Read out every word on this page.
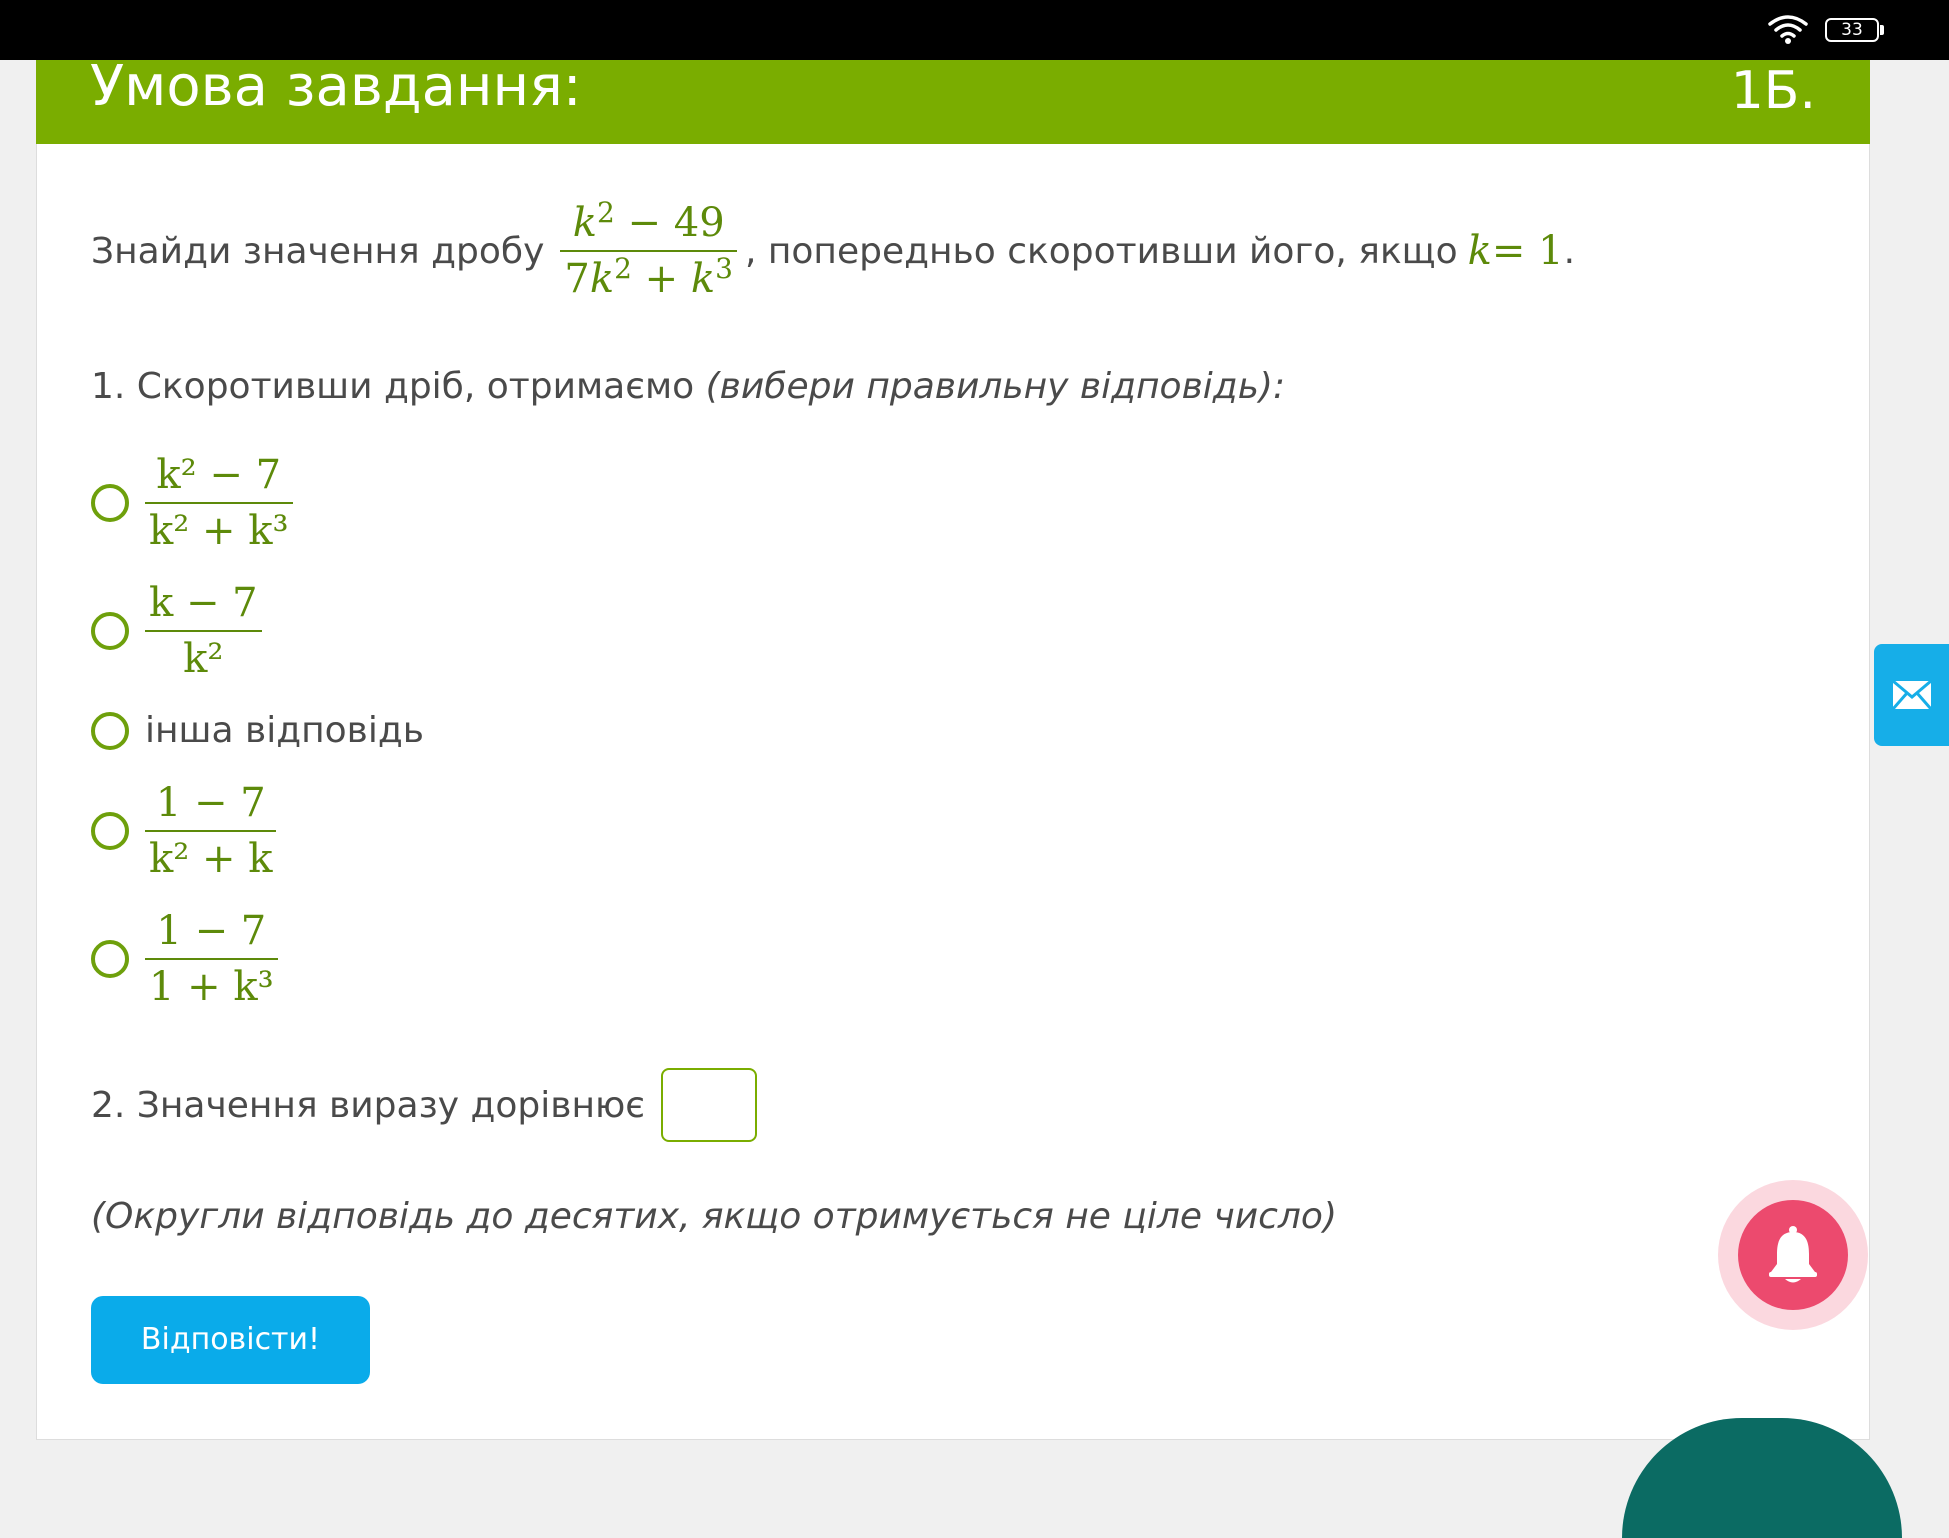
33
Умова завдання:	1Б.
Знайди значення дробу $\frac{k^2 - 49}{7k^2 + k^3}$ , попередньо скоротивши його, якщо k = 1 .
1. Скоротивши дріб, отримаємо
(вибери правильну відповідь):
$\frac{\text{k² − 7}}{\text{k² + k³}}$
$\frac{k - 7}{\text{k²}}$
інша відповідь
$\frac{1 - 7}{\text{k² + k}}$
$\frac{1 - 7}{\text{1 + k³}}$
2. Значення виразу дорівнює
(Округли відповідь до десятих, якщо отримується не ціле число)
Відповісти!
